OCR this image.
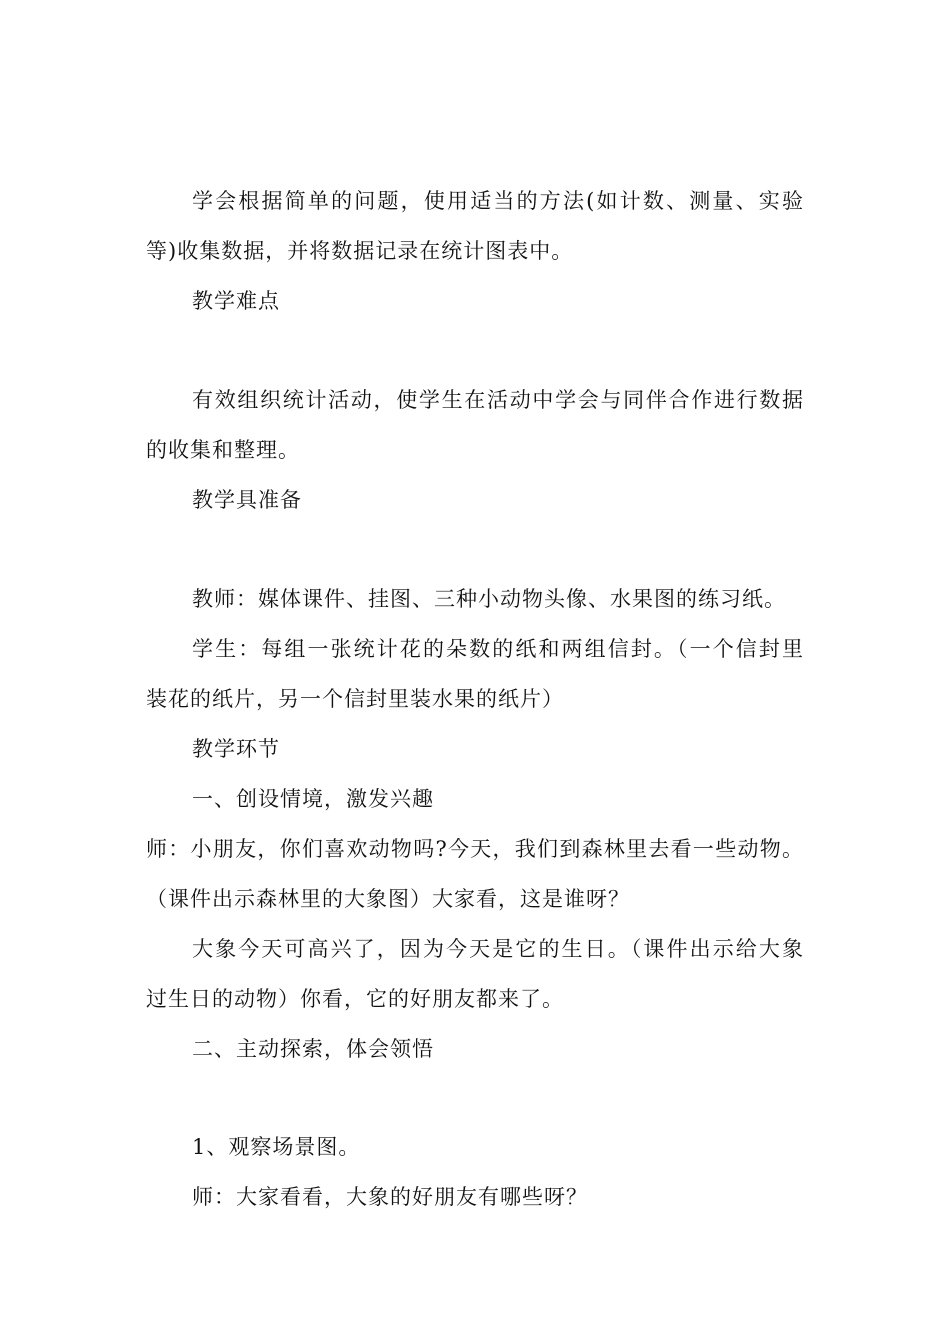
学会根据简单的问题，使用适当的方法(如计数、测量、实验
等)收集数据，并将数据记录在统计图表中。
教学难点
有效组织统计活动，使学生在活动中学会与同伴合作进行数据
的收集和整理。
教学具准备
教师：媒体课件、挂图、三种小动物头像、水果图的练习纸。
学生：每组一张统计花的朵数的纸和两组信封。（一个信封里
装花的纸片，另一个信封里装水果的纸片）
教学环节
一、创设情境，激发兴趣
师：小朋友，你们喜欢动物吗?今天，我们到森林里去看一些动物。
（课件出示森林里的大象图）大家看，这是谁呀？
大象今天可高兴了，因为今天是它的生日。（课件出示给大象
过生日的动物）你看，它的好朋友都来了。
二、主动探索，体会领悟
1、观察场景图。
师：大家看看，大象的好朋友有哪些呀？
